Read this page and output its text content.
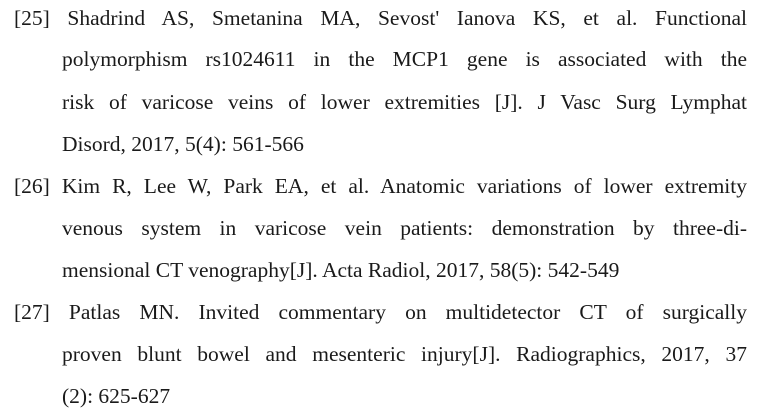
[25] Shadrind AS, Smetanina MA, Sevost' Ianova KS, et al. Functional
polymorphism rs1024611 in the MCP1 gene is associated with the
risk of varicose veins of lower extremities [J]. J Vasc Surg Lymphat
Disord, 2017, 5(4): 561-566
[26] Kim R, Lee W, Park EA, et al. Anatomic variations of lower extremity
venous system in varicose vein patients: demonstration by three-di-
mensional CT venography[J]. Acta Radiol, 2017, 58(5): 542-549
[27] Patlas MN. Invited commentary on multidetector CT of surgically
proven blunt bowel and mesenteric injury[J]. Radiographics, 2017, 37
(2): 625-627
